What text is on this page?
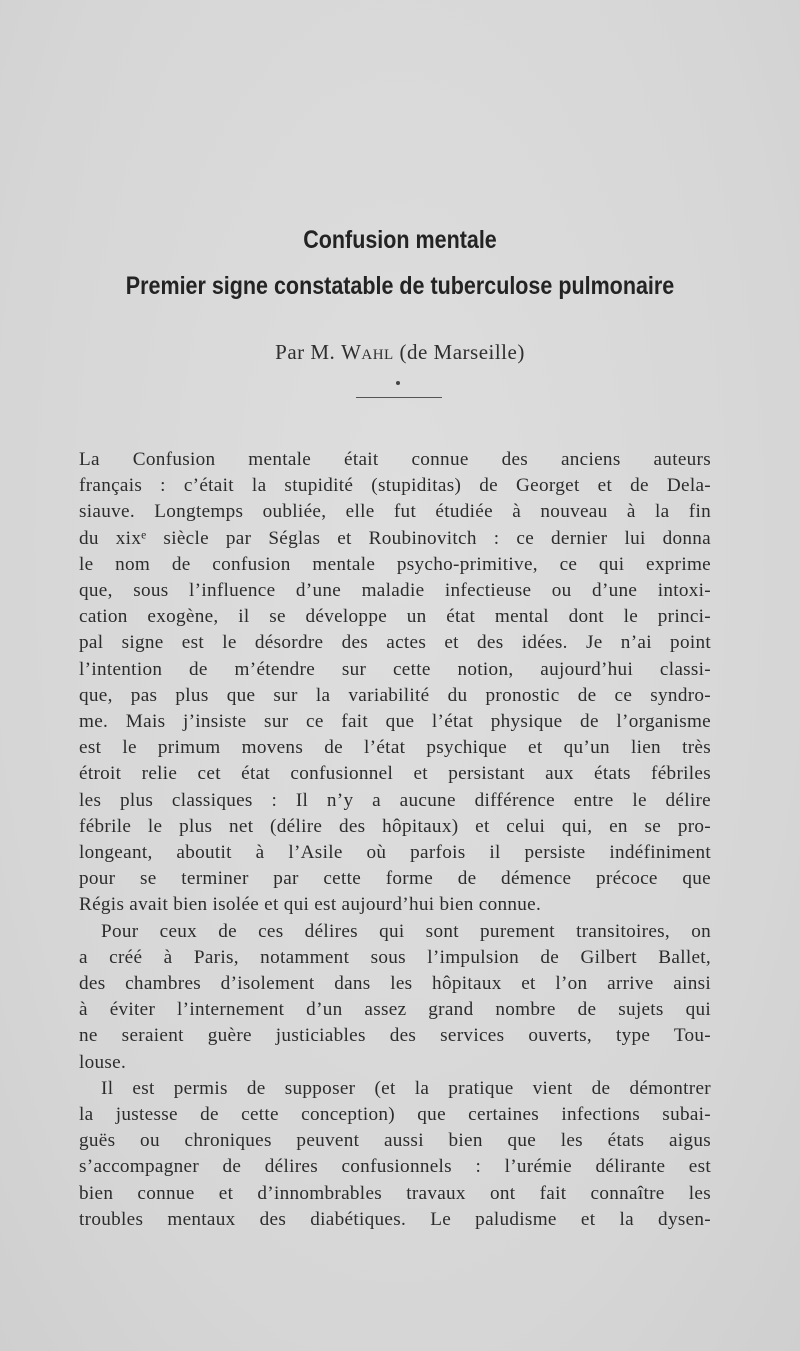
Confusion mentale
Premier signe constatable de tuberculose pulmonaire
Par M. Wahl (de Marseille)
La Confusion mentale était connue des anciens auteurs
français : c’était la stupidité (stupiditas) de Georget et de Dela-
siauve. Longtemps oubliée, elle fut étudiée à nouveau à la fin
du xixᵉ siècle par Séglas et Roubinovitch : ce dernier lui donna
le nom de confusion mentale psycho-primitive, ce qui exprime
que, sous l’influence d’une maladie infectieuse ou d’une intoxi-
cation exogène, il se développe un état mental dont le princi-
pal signe est le désordre des actes et des idées. Je n’ai point
l’intention de m’étendre sur cette notion, aujourd’hui classi-
que, pas plus que sur la variabilité du pronostic de ce syndro-
me. Mais j’insiste sur ce fait que l’état physique de l’organisme
est le primum movens de l’état psychique et qu’un lien très
étroit relie cet état confusionnel et persistant aux états fébriles
les plus classiques : Il n’y a aucune différence entre le délire
fébrile le plus net (délire des hôpitaux) et celui qui, en se pro-
longeant, aboutit à l’Asile où parfois il persiste indéfiniment
pour se terminer par cette forme de démence précoce que
Régis avait bien isolée et qui est aujourd’hui bien connue.
Pour ceux de ces délires qui sont purement transitoires, on
a créé à Paris, notamment sous l’impulsion de Gilbert Ballet,
des chambres d’isolement dans les hôpitaux et l’on arrive ainsi
à éviter l’internement d’un assez grand nombre de sujets qui
ne seraient guère justiciables des services ouverts, type Tou-
louse.
Il est permis de supposer (et la pratique vient de démontrer
la justesse de cette conception) que certaines infections subai-
guës ou chroniques peuvent aussi bien que les états aigus
s’accompagner de délires confusionnels : l’urémie délirante est
bien connue et d’innombrables travaux ont fait connaître les
troubles mentaux des diabétiques. Le paludisme et la dysen-
